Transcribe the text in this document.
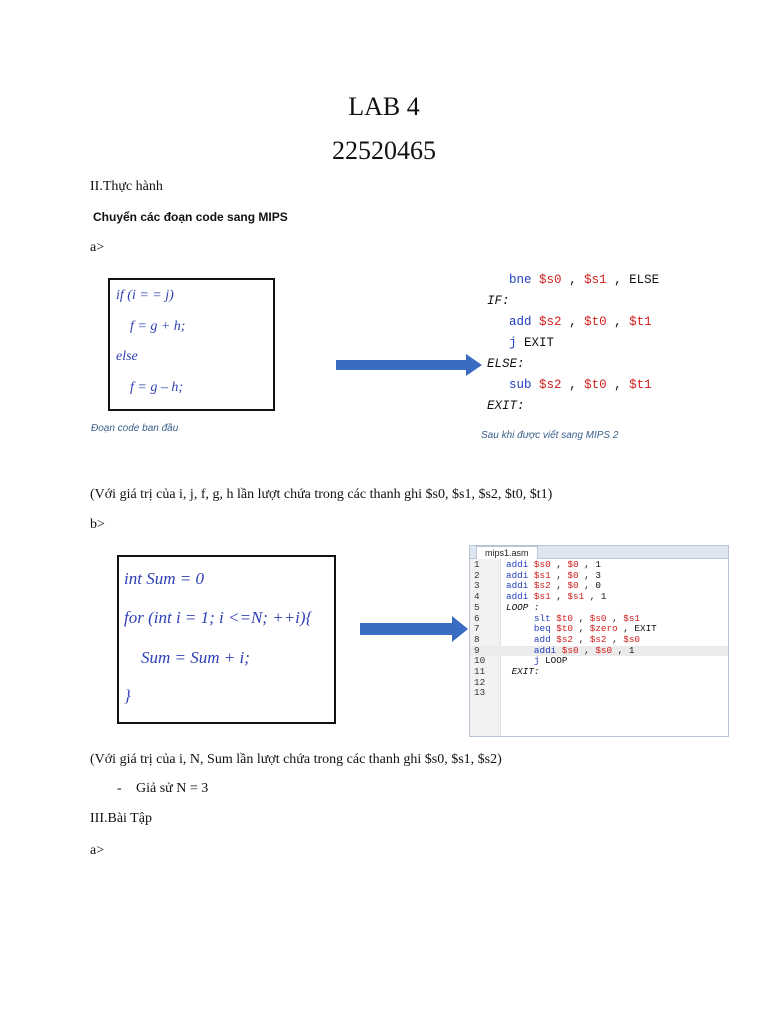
LAB 4
22520465
II.Thực hành
Chuyển các đoạn code sang MIPS
a>
if (i = = j)
f = g + h;
else
f = g – h;
Đoạn code ban đầu

bne $s0 , $s1 , ELSE

IF:

add $s2 , $t0 , $t1

j EXIT

ELSE:

sub $s2 , $t0 , $t1

EXIT:

Sau khi được viết sang MIPS 2
(Với giá trị của i, j, f, g, h lần lượt chứa trong các thanh ghi $s0, $s1, $s2, $t0, $t1)
b>
int Sum = 0
for (int i = 1; i <=N; ++i){
Sum = Sum + i;
}
mips1.asm
1	addi $s0 , $0 , 1
2	addi $s1 , $0 , 3
3	addi $s2 , $0 , 0
4	addi $s1 , $s1 , 1
5	LOOP :
6	slt $t0 , $s0 , $s1
7	beq $t0 , $zero , EXIT
8	add $s2 , $s2 , $s0
9	addi $s0 , $s0 , 1
10	j LOOP
11	EXIT:
12
13
(Với giá trị của i, N, Sum lần lượt chứa trong các thanh ghi $s0, $s1, $s2)
- Giả sử N = 3
III.Bài Tập
a>
